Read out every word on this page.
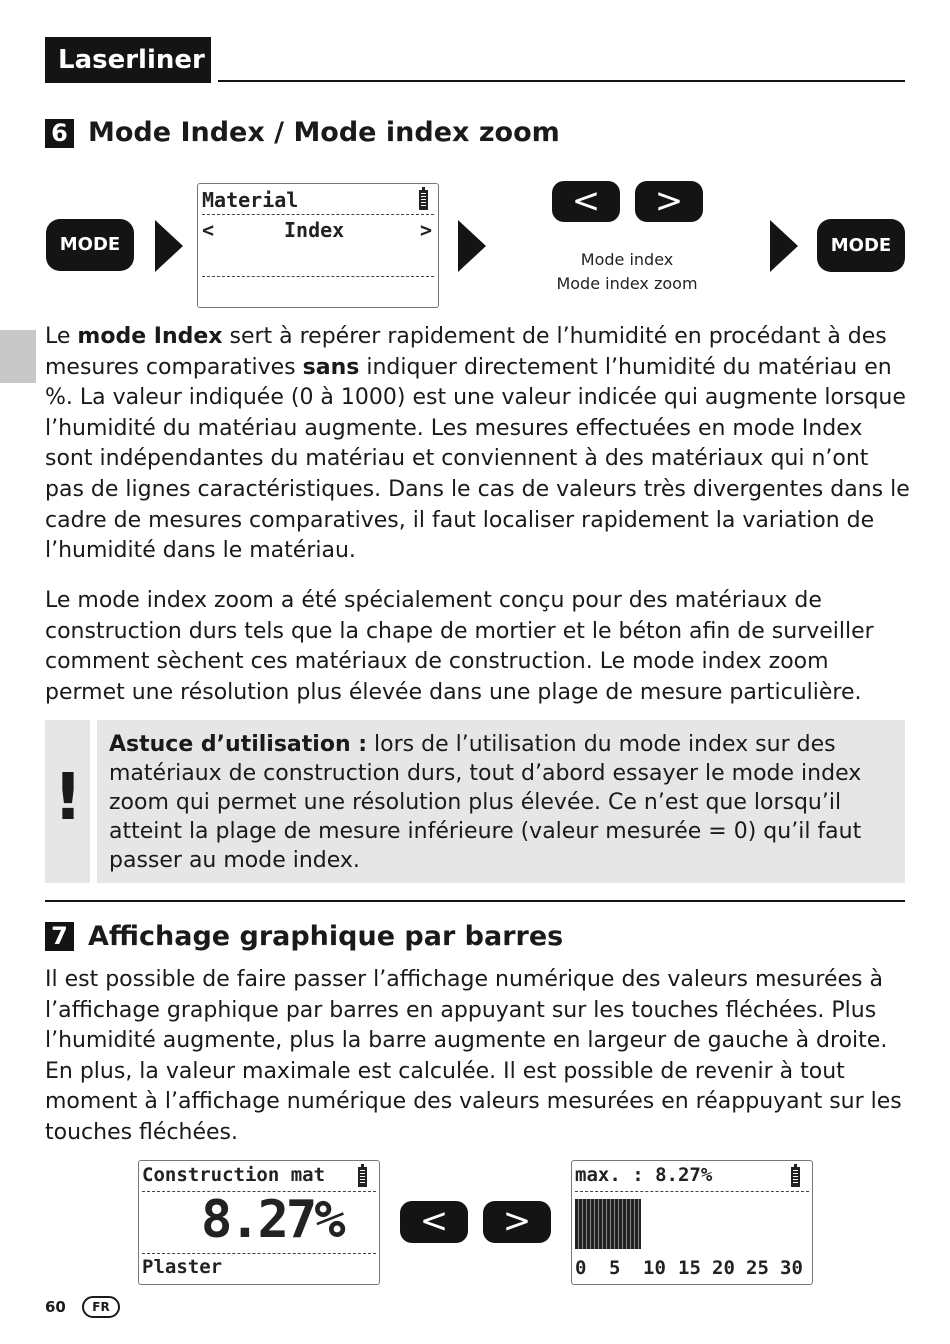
Laserliner
6 Mode Index / Mode index zoom
MODE
Material
<	Index	>
<	>
Mode index
Mode index zoom
MODE
Le mode Index sert à repérer rapidement de l’humidité en procédant à des mesures comparatives sans indiquer directement l’humidité du matériau en %. La valeur indiquée (0 à 1000) est une valeur indicée qui augmente lorsque l’humidité du matériau augmente. Les mesures effectuées en mode Index sont indépendantes du matériau et conviennent à des matériaux qui n’ont pas de lignes caractéristiques. Dans le cas de valeurs très divergentes dans le cadre de mesures comparatives, il faut localiser rapidement la variation de l’humidité dans le matériau.
Le mode index zoom a été spécialement conçu pour des matériaux de construction durs tels que la chape de mortier et le béton afin de surveiller comment sèchent ces matériaux de construction. Le mode index zoom permet une résolution plus élevée dans une plage de mesure particulière.
!
Astuce d’utilisation : lors de l’utilisation du mode index sur des matériaux de construction durs, tout d’abord essayer le mode index zoom qui permet une résolution plus élevée. Ce n’est que lorsqu’il atteint la plage de mesure inférieure (valeur mesurée = 0) qu’il faut passer au mode index.
7 Affichage graphique par barres
Il est possible de faire passer l’affichage numérique des valeurs mesurées à l’affichage graphique par barres en appuyant sur les touches fléchées. Plus l’humidité augmente, plus la barre augmente en largeur de gauche à droite. En plus, la valeur maximale est calculée. Il est possible de revenir à tout moment à l’affichage numérique des valeurs mesurées en réappuyant sur les touches fléchées.
Construction mat
8.27%
Plaster
<	>
max. : 8.27%
0 5 10 15 20 25 30
60	FR
